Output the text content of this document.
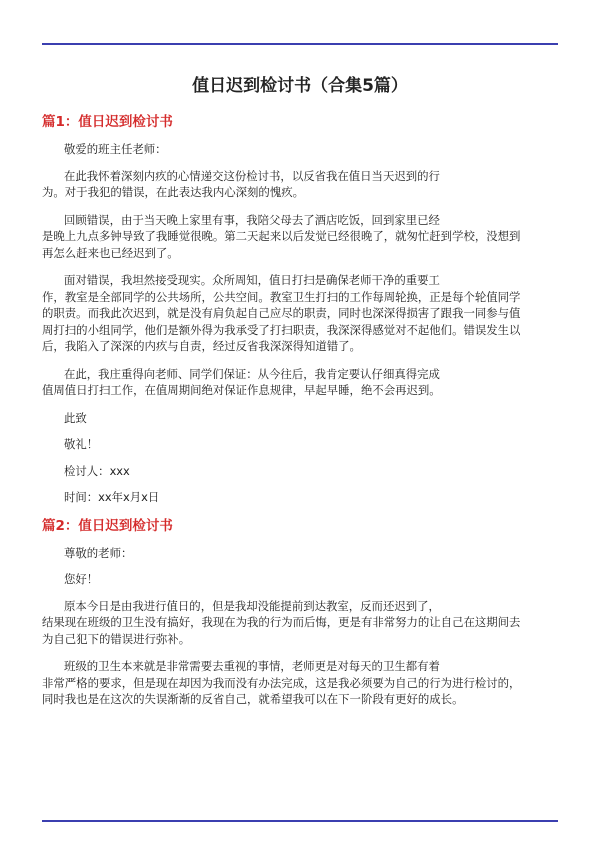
值日迟到检讨书（合集5篇）
篇1：值日迟到检讨书

敬爱的班主任老师：

在此我怀着深刻内疚的心情递交这份检讨书，以反省我在值日当天迟到的行

为。对于我犯的错误，在此表达我内心深刻的愧疚。

回顾错误，由于当天晚上家里有事，我陪父母去了酒店吃饭，回到家里已经

是晚上九点多钟导致了我睡觉很晚。第二天起来以后发觉已经很晚了，就匆忙赶到学校，没想到

再怎么赶来也已经迟到了。

面对错误，我坦然接受现实。众所周知，值日打扫是确保老师干净的重要工

作，教室是全部同学的公共场所，公共空间。教室卫生打扫的工作每周轮换，正是每个轮值同学

的职责。而我此次迟到，就是没有肩负起自己应尽的职责，同时也深深得损害了跟我一同参与值

周打扫的小组同学，他们是额外得为我承受了打扫职责，我深深得感觉对不起他们。错误发生以

后，我陷入了深深的内疚与自责，经过反省我深深得知道错了。

在此，我庄重得向老师、同学们保证：从今往后，我肯定要认仔细真得完成

值周值日打扫工作，在值周期间绝对保证作息规律，早起早睡，绝不会再迟到。

此致

敬礼！

检讨人：xxx

时间：xx年x月x日

篇2：值日迟到检讨书

尊敬的老师：

您好！

原本今日是由我进行值日的，但是我却没能提前到达教室，反而还迟到了，

结果现在班级的卫生没有搞好，我现在为我的行为而后悔，更是有非常努力的让自己在这期间去

为自己犯下的错误进行弥补。

班级的卫生本来就是非常需要去重视的事情，老师更是对每天的卫生都有着

非常严格的要求，但是现在却因为我而没有办法完成，这是我必须要为自己的行为进行检讨的，

同时我也是在这次的失误渐渐的反省自己，就希望我可以在下一阶段有更好的成长。
